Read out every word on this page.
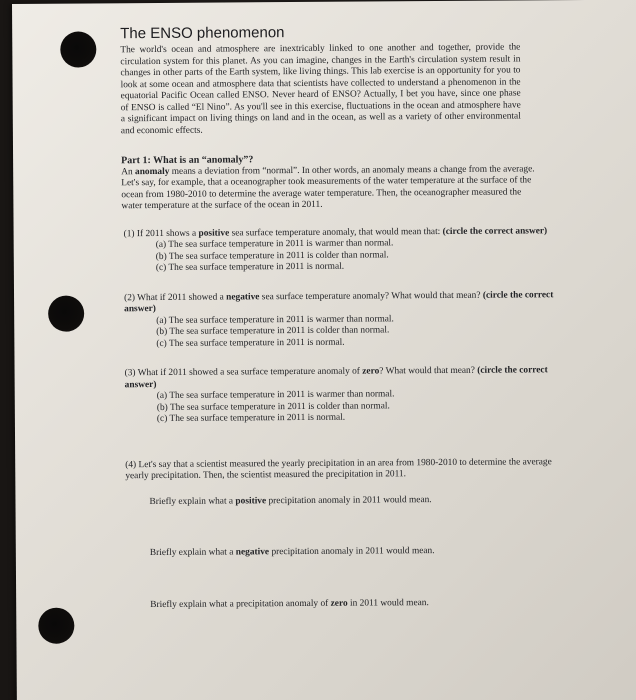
The ENSO phenomenon

The world's ocean and atmosphere are inextricably linked to one another and together, provide the circulation system for this planet. As you can imagine, changes in the Earth's circulation system result in changes in other parts of the Earth system, like living things. This lab exercise is an opportunity for you to look at some ocean and atmosphere data that scientists have collected to understand a phenomenon in the equatorial Pacific Ocean called ENSO. Never heard of ENSO? Actually, I bet you have, since one phase of ENSO is called “El Nino”. As you'll see in this exercise, fluctuations in the ocean and atmosphere have a significant impact on living things on land and in the ocean, as well as a variety of other environmental and economic effects.

Part 1: What is an “anomaly”?

An anomaly means a deviation from “normal”. In other words, an anomaly means a change from the average. Let's say, for example, that a oceanographer took measurements of the water temperature at the surface of the ocean from 1980-2010 to determine the average water temperature. Then, the oceanographer measured the water temperature at the surface of the ocean in 2011.

(1) If 2011 shows a positive sea surface temperature anomaly, that would mean that: (circle the correct answer)

(a) The sea surface temperature in 2011 is warmer than normal.

(b) The sea surface temperature in 2011 is colder than normal.

(c) The sea surface temperature in 2011 is normal.

(2) What if 2011 showed a negative sea surface temperature anomaly? What would that mean? (circle the correct answer)

(a) The sea surface temperature in 2011 is warmer than normal.

(b) The sea surface temperature in 2011 is colder than normal.

(c) The sea surface temperature in 2011 is normal.

(3) What if 2011 showed a sea surface temperature anomaly of zero? What would that mean? (circle the correct answer)

(a) The sea surface temperature in 2011 is warmer than normal.

(b) The sea surface temperature in 2011 is colder than normal.

(c) The sea surface temperature in 2011 is normal.

(4) Let's say that a scientist measured the yearly precipitation in an area from 1980-2010 to determine the average yearly precipitation. Then, the scientist measured the precipitation in 2011.

Briefly explain what a positive precipitation anomaly in 2011 would mean.

Briefly explain what a negative precipitation anomaly in 2011 would mean.

Briefly explain what a precipitation anomaly of zero in 2011 would mean.
